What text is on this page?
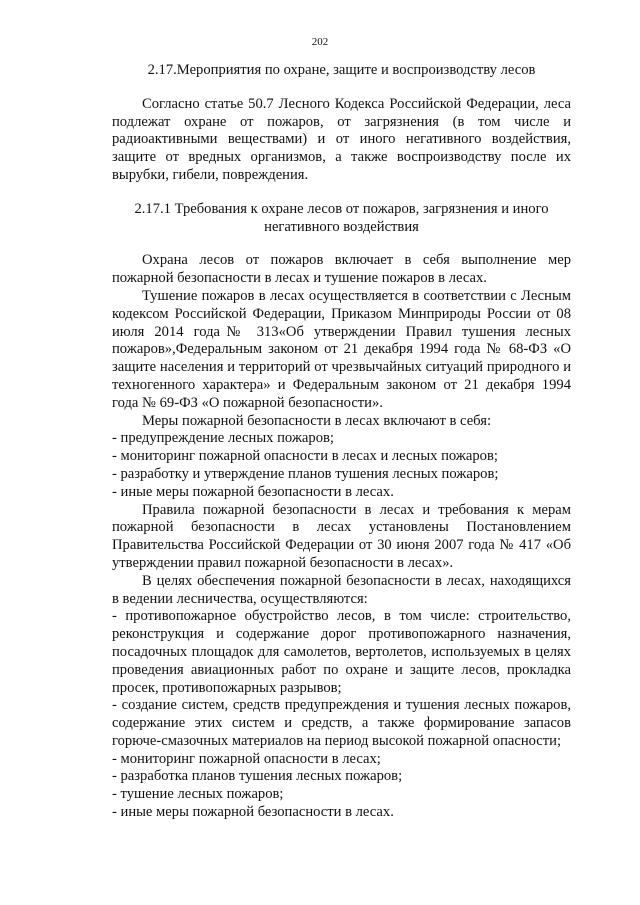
202
2.17.Мероприятия по охране, защите и воспроизводству лесов

Согласно статье 50.7 Лесного Кодекса Российской Федерации, леса подлежат охране от пожаров, от загрязнения (в том числе и радиоактивными веществами) и от иного негативного воздействия, защите от вредных организмов, а также воспроизводству после их вырубки, гибели, повреждения.

2.17.1 Требования к охране лесов от пожаров, загрязнения и иного
негативного воздействия

Охрана лесов от пожаров включает в себя выполнение мер пожарной безопасности в лесах и тушение пожаров в лесах.

Тушение пожаров в лесах осуществляется в соответствии с Лесным кодексом Российской Федерации, Приказом Минприроды России от 08 июля 2014 года№ 313«Об утверждении Правил тушения лесных пожаров»,Федеральным законом от 21 декабря 1994 года № 68-ФЗ «О защите населения и территорий от чрезвычайных ситуаций природного и техногенного характера» и Федеральным законом от 21 декабря 1994 года № 69-ФЗ «О пожарной безопасности».

Меры пожарной безопасности в лесах включают в себя:

- предупреждение лесных пожаров;

- мониторинг пожарной опасности в лесах и лесных пожаров;

- разработку и утверждение планов тушения лесных пожаров;

- иные меры пожарной безопасности в лесах.

Правила пожарной безопасности в лесах и требования к мерам пожарной безопасности в лесах установлены Постановлением Правительства Российской Федерации от 30 июня 2007 года № 417 «Об утверждении правил пожарной безопасности в лесах».

В целях обеспечения пожарной безопасности в лесах, находящихся в ведении лесничества, осуществляются:

- противопожарное обустройство лесов, в том числе: строительство, реконструкция и содержание дорог противопожарного назначения, посадочных площадок для самолетов, вертолетов, используемых в целях проведения авиационных работ по охране и защите лесов, прокладка просек, противопожарных разрывов;

- создание систем, средств предупреждения и тушения лесных пожаров, содержание этих систем и средств, а также формирование запасов горюче-смазочных материалов на период высокой пожарной опасности;

- мониторинг пожарной опасности в лесах;

- разработка планов тушения лесных пожаров;

- тушение лесных пожаров;

- иные меры пожарной безопасности в лесах.
